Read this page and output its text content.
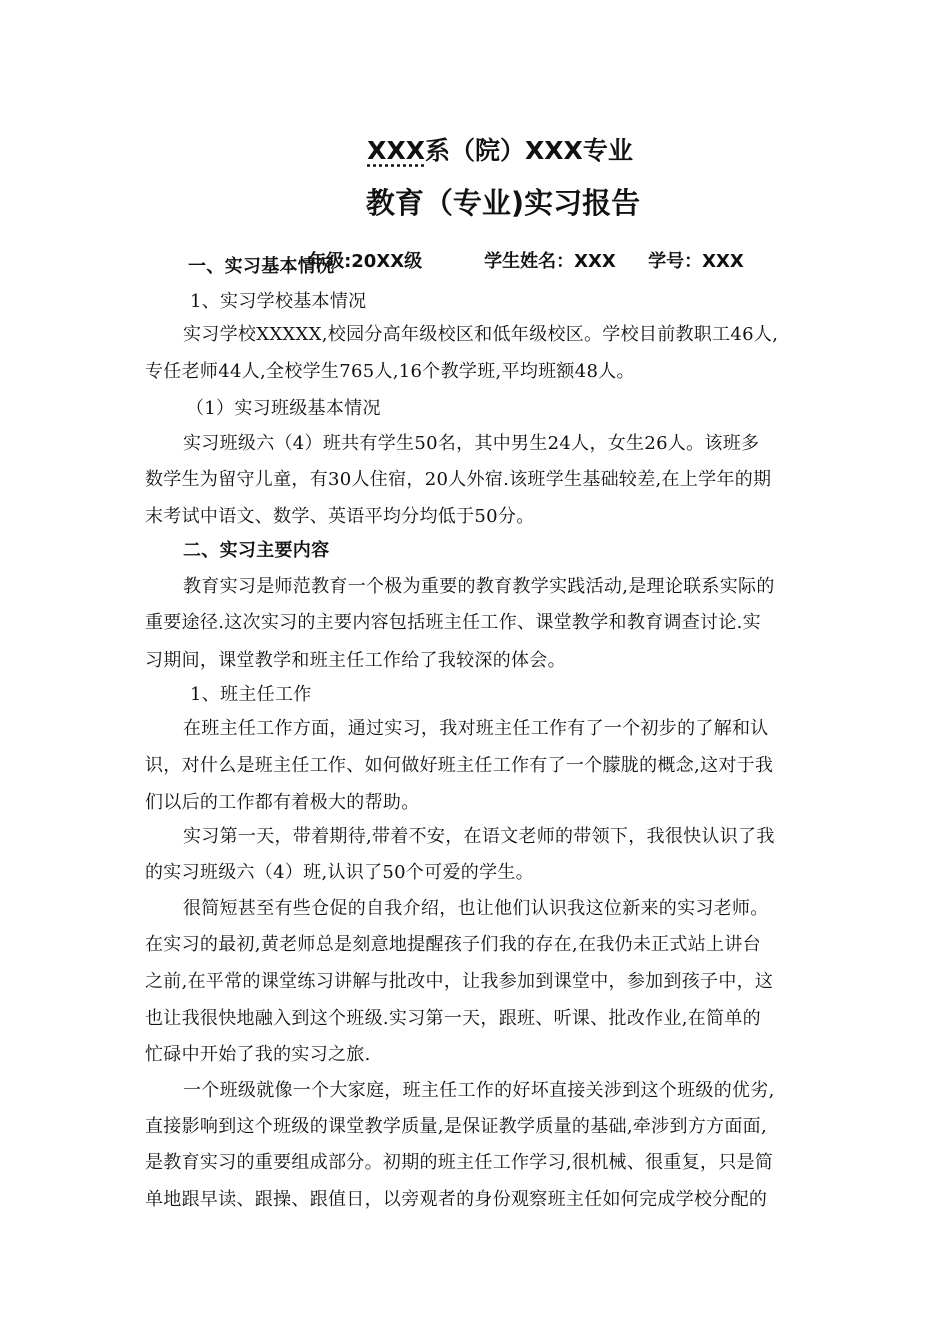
XXX系（院）XXX专业
教育（专业)实习报告

年级:20XX级	学生姓名：XXX 学号：XXX

一、实习基本情况
1、实习学校基本情况
实习学校XXXXX,校园分高年级校区和低年级校区。学校目前教职工46人,
专任老师44人,全校学生765人,16个教学班,平均班额48人。
（1）实习班级基本情况
实习班级六（4）班共有学生50名，其中男生24人，女生26人。该班多
数学生为留守儿童，有30人住宿，20人外宿.该班学生基础较差,在上学年的期
末考试中语文、数学、英语平均分均低于50分。
二、实习主要内容
教育实习是师范教育一个极为重要的教育教学实践活动,是理论联系实际的
重要途径.这次实习的主要内容包括班主任工作、课堂教学和教育调查讨论.实
习期间，课堂教学和班主任工作给了我较深的体会。
1、班主任工作
在班主任工作方面，通过实习，我对班主任工作有了一个初步的了解和认
识，对什么是班主任工作、如何做好班主任工作有了一个朦胧的概念,这对于我
们以后的工作都有着极大的帮助。
实习第一天，带着期待,带着不安，在语文老师的带领下，我很快认识了我
的实习班级六（4）班,认识了50个可爱的学生。
很简短甚至有些仓促的自我介绍，也让他们认识我这位新来的实习老师。
在实习的最初,黄老师总是刻意地提醒孩子们我的存在,在我仍未正式站上讲台
之前,在平常的课堂练习讲解与批改中，让我参加到课堂中，参加到孩子中，这
也让我很快地融入到这个班级.实习第一天，跟班、听课、批改作业,在简单的
忙碌中开始了我的实习之旅.
一个班级就像一个大家庭，班主任工作的好坏直接关涉到这个班级的优劣,
直接影响到这个班级的课堂教学质量,是保证教学质量的基础,牵涉到方方面面,
是教育实习的重要组成部分。初期的班主任工作学习,很机械、很重复，只是简
单地跟早读、跟操、跟值日，以旁观者的身份观察班主任如何完成学校分配的
